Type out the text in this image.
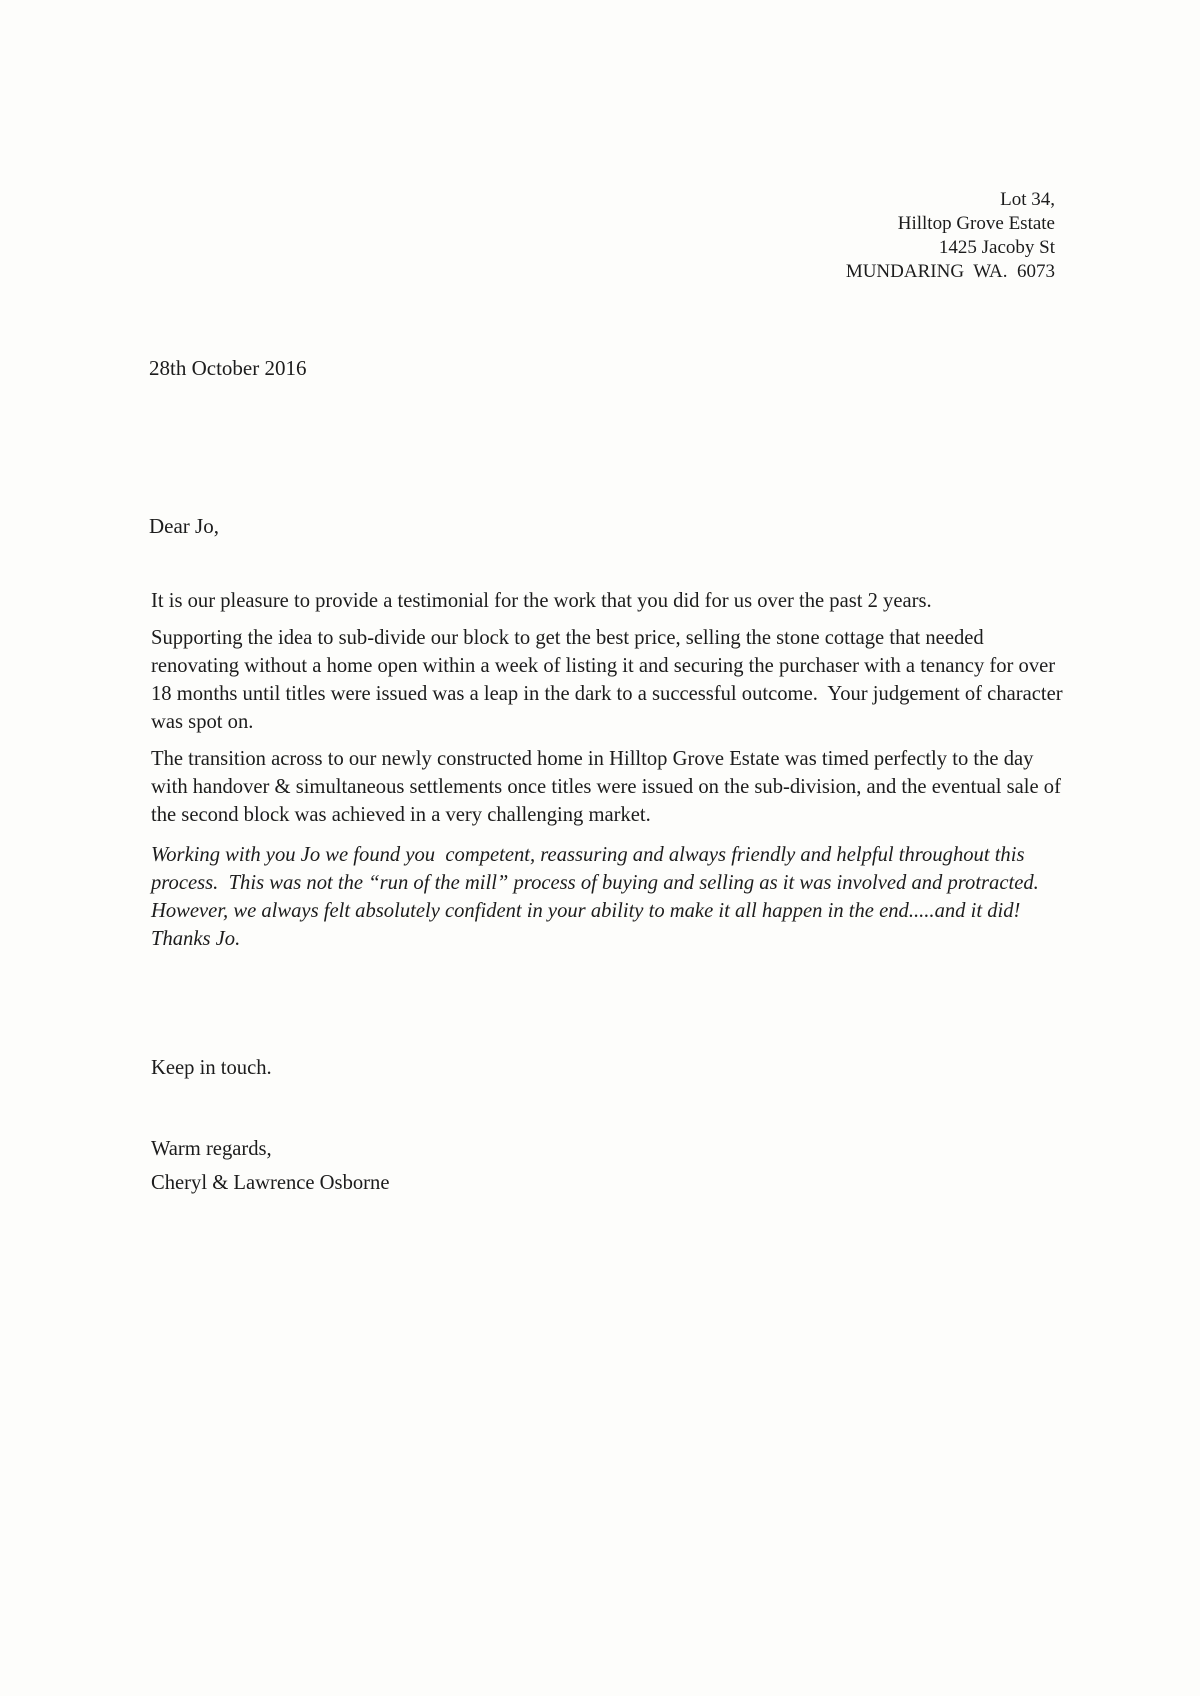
Lot 34,
Hilltop Grove Estate
1425 Jacoby St
MUNDARING  WA.  6073
28th October 2016
Dear Jo,

It is our pleasure to provide a testimonial for the work that you did for us over the past 2 years.

Supporting the idea to sub-divide our block to get the best price, selling the stone cottage that needed renovating without a home open within a week of listing it and securing the purchaser with a tenancy for over 18 months until titles were issued was a leap in the dark to a successful outcome.  Your judgement of character was spot on.

The transition across to our newly constructed home in Hilltop Grove Estate was timed perfectly to the day with handover & simultaneous settlements once titles were issued on the sub-division, and the eventual sale of the second block was achieved in a very challenging market.

Working with you Jo we found you  competent, reassuring and always friendly and helpful throughout this process.  This was not the “run of the mill” process of buying and selling as it was involved and protracted.  However, we always felt absolutely confident in your ability to make it all happen in the end.....and it did!  Thanks Jo.

Keep in touch.
Warm regards,
Cheryl & Lawrence Osborne
